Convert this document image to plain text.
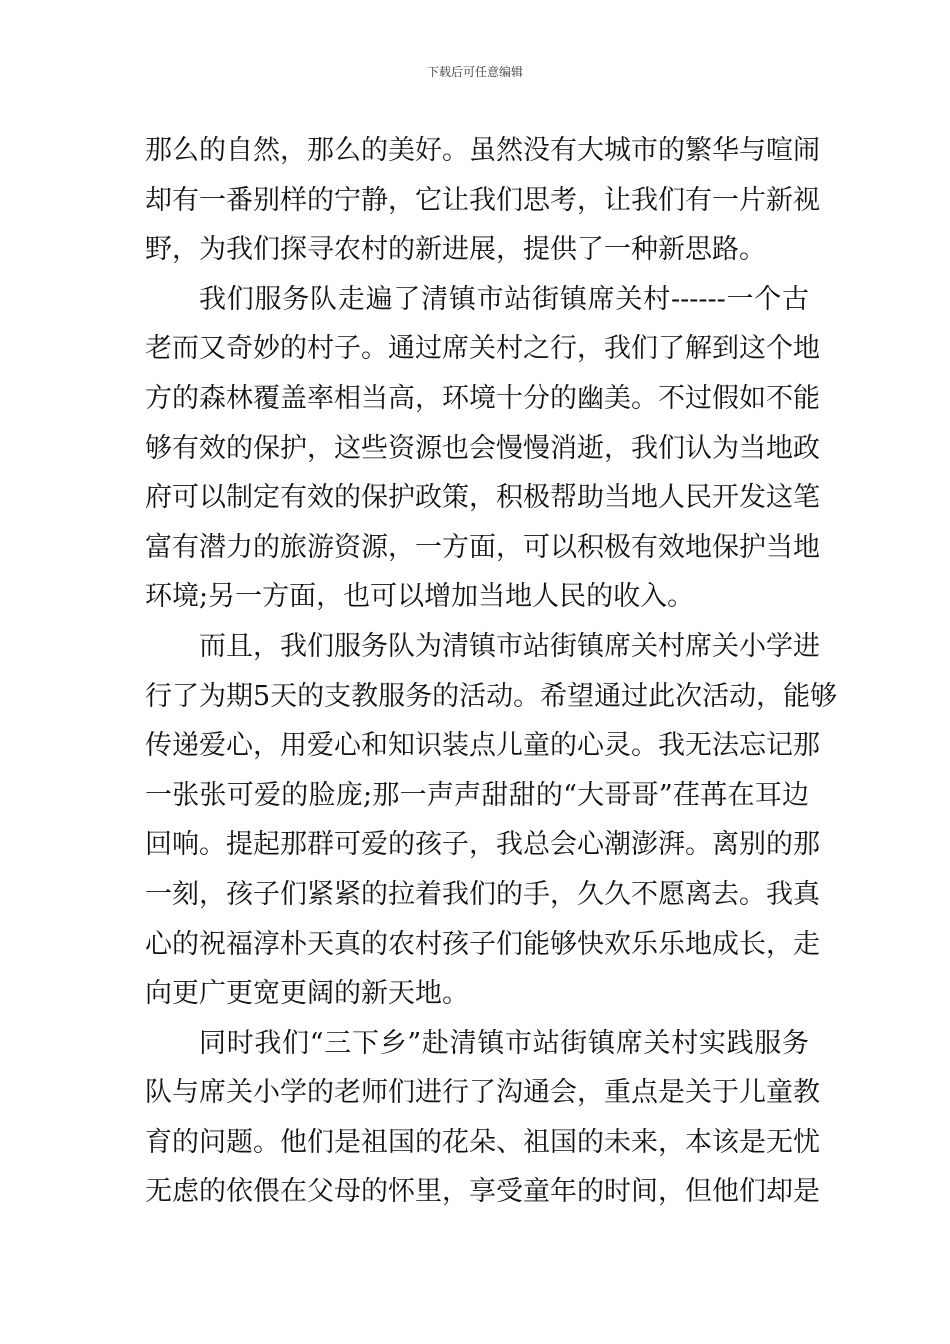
下载后可任意编辑
那么的自然，那么的美好。虽然没有大城市的繁华与喧闹
却有一番别样的宁静，它让我们思考，让我们有一片新视
野，为我们探寻农村的新进展，提供了一种新思路。
我们服务队走遍了清镇市站街镇席关村------一个古
老而又奇妙的村子。通过席关村之行，我们了解到这个地
方的森林覆盖率相当高，环境十分的幽美。不过假如不能
够有效的保护，这些资源也会慢慢消逝，我们认为当地政
府可以制定有效的保护政策，积极帮助当地人民开发这笔
富有潜力的旅游资源，一方面，可以积极有效地保护当地
环境;另一方面，也可以增加当地人民的收入。
而且，我们服务队为清镇市站街镇席关村席关小学进
行了为期5天的支教服务的活动。希望通过此次活动，能够
传递爱心，用爱心和知识装点儿童的心灵。我无法忘记那
一张张可爱的脸庞;那一声声甜甜的“大哥哥”荏苒在耳边
回响。提起那群可爱的孩子，我总会心潮澎湃。离别的那
一刻，孩子们紧紧的拉着我们的手，久久不愿离去。我真
心的祝福淳朴天真的农村孩子们能够快欢乐乐地成长，走
向更广更宽更阔的新天地。
同时我们“三下乡”赴清镇市站街镇席关村实践服务
队与席关小学的老师们进行了沟通会，重点是关于儿童教
育的问题。他们是祖国的花朵、祖国的未来，本该是无忧
无虑的依偎在父母的怀里，享受童年的时间，但他们却是
